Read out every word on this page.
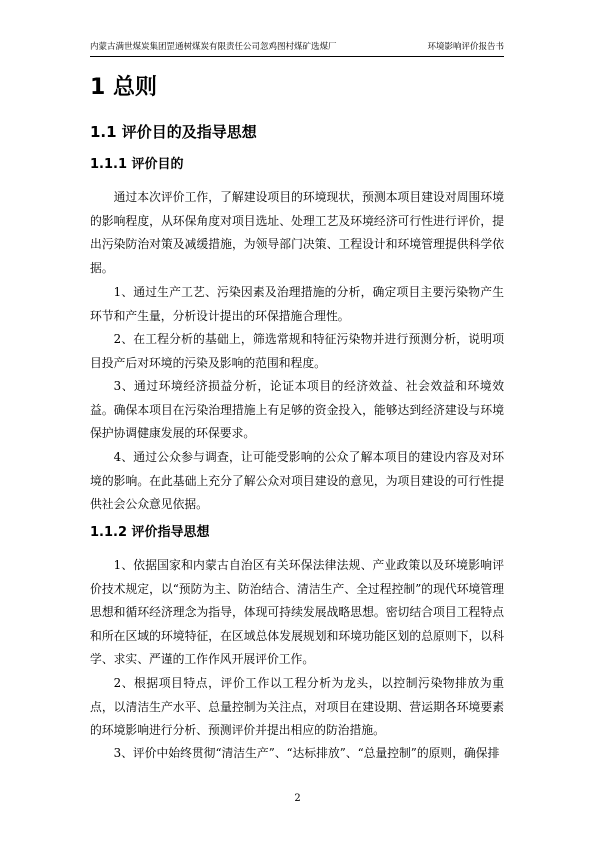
内蒙古满世煤炭集团罡通树煤炭有限责任公司忽鸡图村煤矿选煤厂	环境影响评价报告书
1 总则
1.1 评价目的及指导思想
1.1.1 评价目的
通过本次评价工作，了解建设项目的环境现状，预测本项目建设对周围环境的影响程度，从环保角度对项目选址、处理工艺及环境经济可行性进行评价，提出污染防治对策及减缓措施，为领导部门决策、工程设计和环境管理提供科学依据。
1、通过生产工艺、污染因素及治理措施的分析，确定项目主要污染物产生环节和产生量，分析设计提出的环保措施合理性。
2、在工程分析的基础上，筛选常规和特征污染物并进行预测分析，说明项目投产后对环境的污染及影响的范围和程度。
3、通过环境经济损益分析，论证本项目的经济效益、社会效益和环境效益。确保本项目在污染治理措施上有足够的资金投入，能够达到经济建设与环境保护协调健康发展的环保要求。
4、通过公众参与调查，让可能受影响的公众了解本项目的建设内容及对环境的影响。在此基础上充分了解公众对项目建设的意见，为项目建设的可行性提供社会公众意见依据。
1.1.2 评价指导思想
1、依据国家和内蒙古自治区有关环保法律法规、产业政策以及环境影响评价技术规定，以“预防为主、防治结合、清洁生产、全过程控制”的现代环境管理思想和循环经济理念为指导，体现可持续发展战略思想。密切结合项目工程特点和所在区域的环境特征，在区域总体发展规划和环境功能区划的总原则下，以科学、求实、严谨的工作作风开展评价工作。
2、根据项目特点，评价工作以工程分析为龙头，以控制污染物排放为重点，以清洁生产水平、总量控制为关注点，对项目在建设期、营运期各环境要素的环境影响进行分析、预测评价并提出相应的防治措施。
3、评价中始终贯彻“清洁生产”、“达标排放”、“总量控制”的原则，确保排
2
